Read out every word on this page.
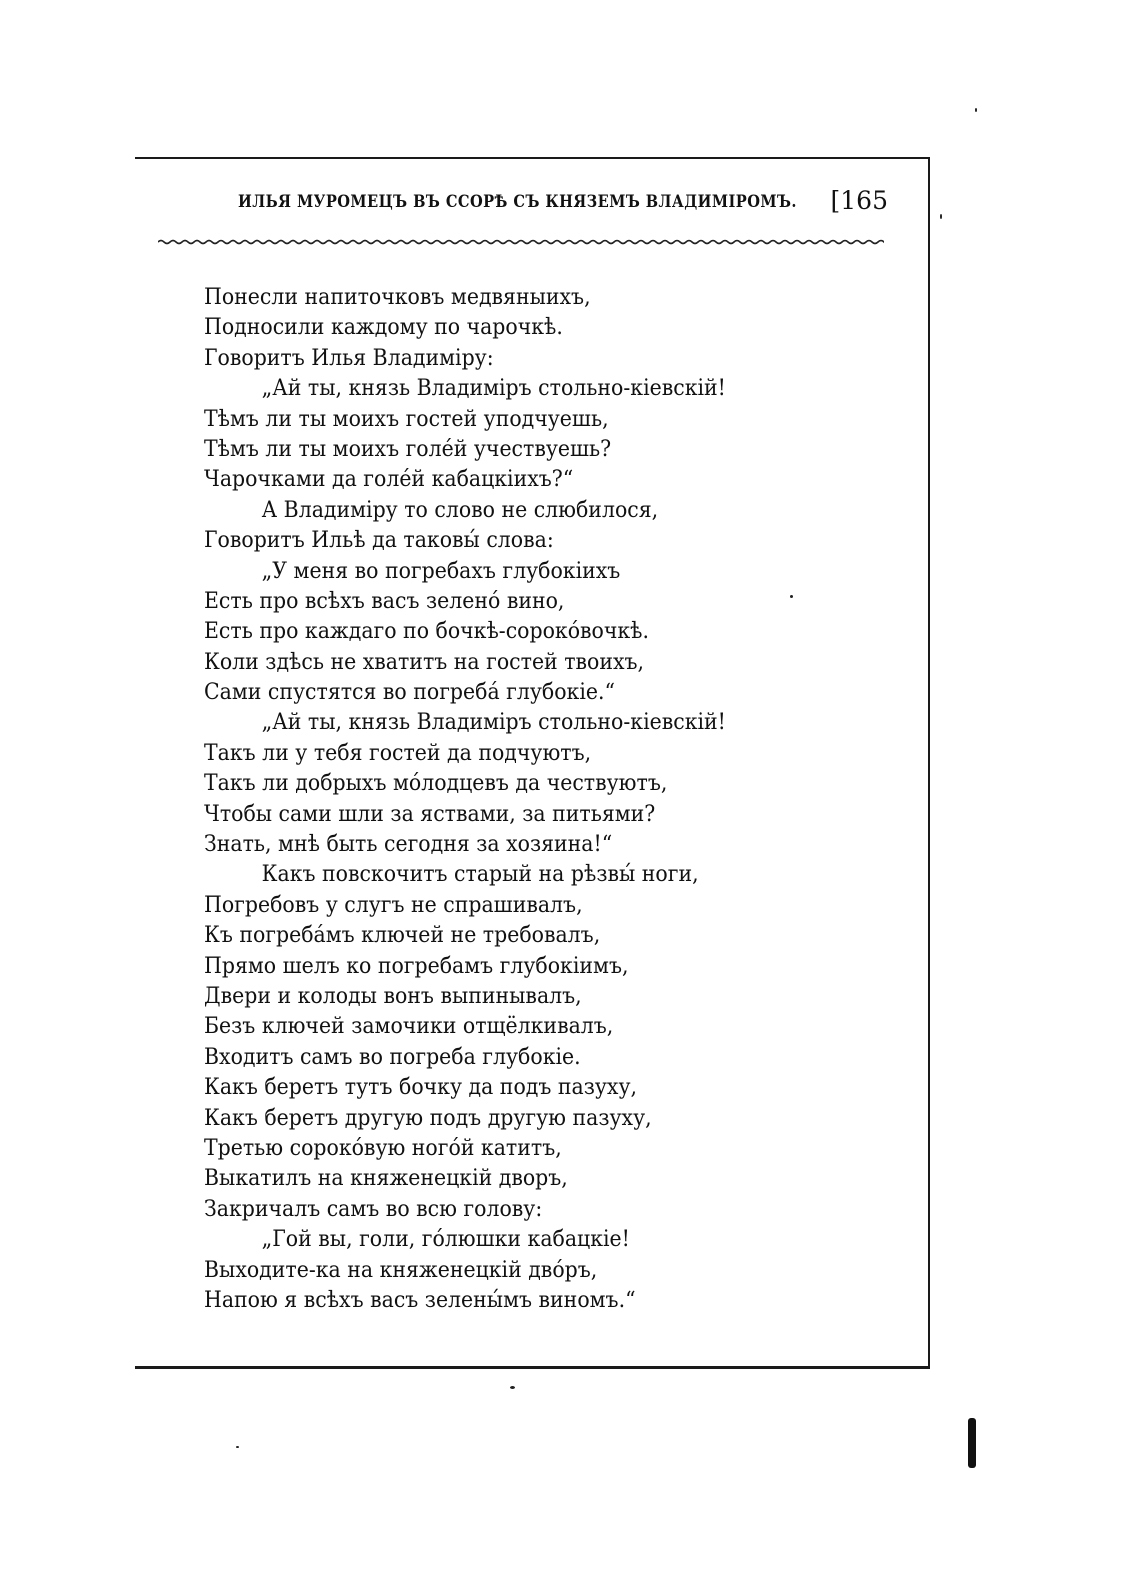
ИЛЬЯ МУРОМЕЦЪ ВЪ ССОРѢ СЪ КНЯЗЕМЪ ВЛАДИМІРОМЪ. [165
Понесли напиточковъ медвяныихъ,
Подносили каждому по чарочкѣ.
Говоритъ Илья Владиміру:
„Ай ты, князь Владиміръ стольно-кіевскій!
Тѣмъ ли ты моихъ гостей уподчуешь,
Тѣмъ ли ты моихъ голéй учествуешь?
Чарочками да голéй кабацкіихъ?“
А Владиміру то слово не слюбилося,
Говоритъ Ильѣ да таковы́ слова:
„У меня во погребахъ глубокіихъ
Есть про всѣхъ васъ зеленó вино,
Есть про каждаго по бочкѣ-сорокóвочкѣ.
Коли здѣсь не хватитъ на гостей твоихъ,
Сами спустятся во погребá глубокіе.“
„Ай ты, князь Владиміръ стольно-кіевскій!
Такъ ли у тебя гостей да подчуютъ,
Такъ ли добрыхъ мóлодцевъ да чествуютъ,
Чтобы сами шли за яствами, за питьями?
Знать, мнѣ быть сегодня за хозяина!“
Какъ повскочитъ старый на рѣзвы́ ноги,
Погребовъ у слугъ не спрашивалъ,
Къ погребáмъ ключей не требовалъ,
Прямо шелъ ко погребамъ глубокіимъ,
Двери и колоды вонъ выпинывалъ,
Безъ ключей замочики отщёлкивалъ,
Входитъ самъ во погреба глубокіе.
Какъ беретъ тутъ бочку да подъ пазуху,
Какъ беретъ другую подъ другую пазуху,
Третью сорокóвую ногóй катитъ,
Выкатилъ на княженецкій дворъ,
Закричалъ самъ во всю голову:
„Гой вы, голи, гóлюшки кабацкіе!
Выходите-ка на княженецкій двóръ,
Напою я всѣхъ васъ зелены́мъ виномъ.“
